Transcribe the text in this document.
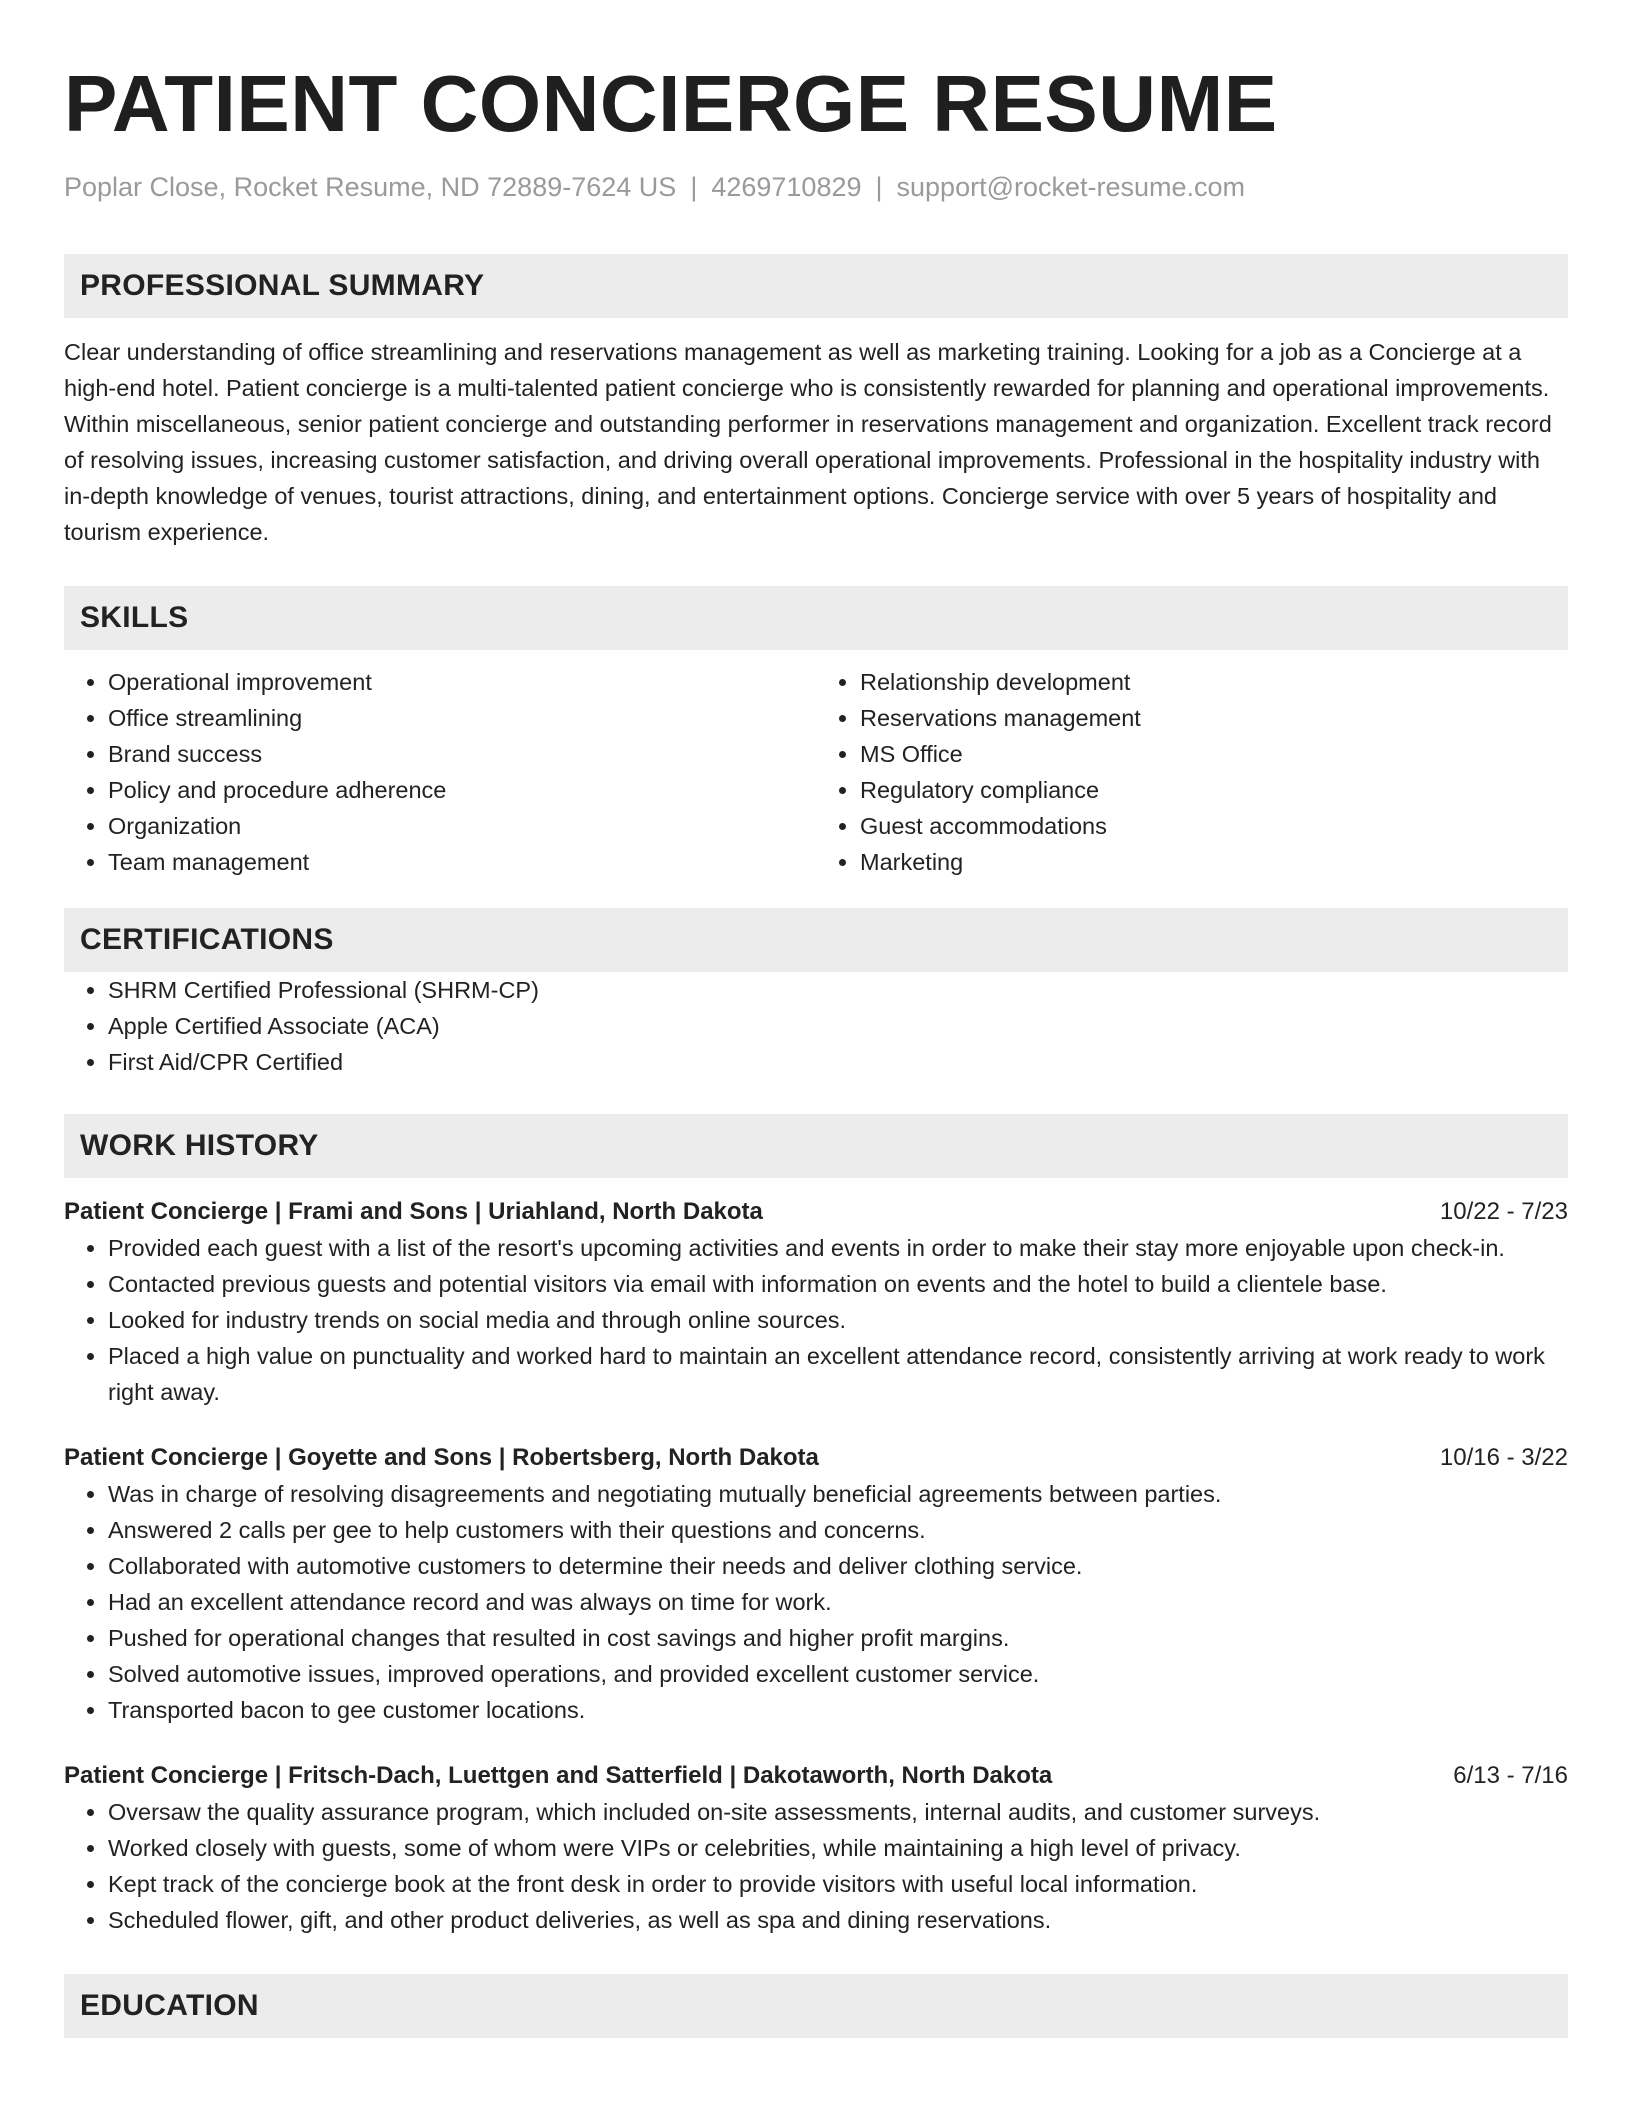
PATIENT CONCIERGE RESUME
Poplar Close, Rocket Resume, ND 72889-7624 US | 4269710829 | support@rocket-resume.com
PROFESSIONAL SUMMARY
Clear understanding of office streamlining and reservations management as well as marketing training. Looking for a job as a Concierge at a high-end hotel. Patient concierge is a multi-talented patient concierge who is consistently rewarded for planning and operational improvements. Within miscellaneous, senior patient concierge and outstanding performer in reservations management and organization. Excellent track record of resolving issues, increasing customer satisfaction, and driving overall operational improvements. Professional in the hospitality industry with in-depth knowledge of venues, tourist attractions, dining, and entertainment options. Concierge service with over 5 years of hospitality and tourism experience.
SKILLS
• Operational improvement
• Office streamlining
• Brand success
• Policy and procedure adherence
• Organization
• Team management
• Relationship development
• Reservations management
• MS Office
• Regulatory compliance
• Guest accommodations
• Marketing
CERTIFICATIONS
• SHRM Certified Professional (SHRM-CP)
• Apple Certified Associate (ACA)
• First Aid/CPR Certified
WORK HISTORY
Patient Concierge | Frami and Sons | Uriahland, North Dakota	10/22 - 7/23
• Provided each guest with a list of the resort's upcoming activities and events in order to make their stay more enjoyable upon check-in.
• Contacted previous guests and potential visitors via email with information on events and the hotel to build a clientele base.
• Looked for industry trends on social media and through online sources.
• Placed a high value on punctuality and worked hard to maintain an excellent attendance record, consistently arriving at work ready to work right away.
Patient Concierge | Goyette and Sons | Robertsberg, North Dakota	10/16 - 3/22
• Was in charge of resolving disagreements and negotiating mutually beneficial agreements between parties.
• Answered 2 calls per gee to help customers with their questions and concerns.
• Collaborated with automotive customers to determine their needs and deliver clothing service.
• Had an excellent attendance record and was always on time for work.
• Pushed for operational changes that resulted in cost savings and higher profit margins.
• Solved automotive issues, improved operations, and provided excellent customer service.
• Transported bacon to gee customer locations.
Patient Concierge | Fritsch-Dach, Luettgen and Satterfield | Dakotaworth, North Dakota	6/13 - 7/16
• Oversaw the quality assurance program, which included on-site assessments, internal audits, and customer surveys.
• Worked closely with guests, some of whom were VIPs or celebrities, while maintaining a high level of privacy.
• Kept track of the concierge book at the front desk in order to provide visitors with useful local information.
• Scheduled flower, gift, and other product deliveries, as well as spa and dining reservations.
EDUCATION
